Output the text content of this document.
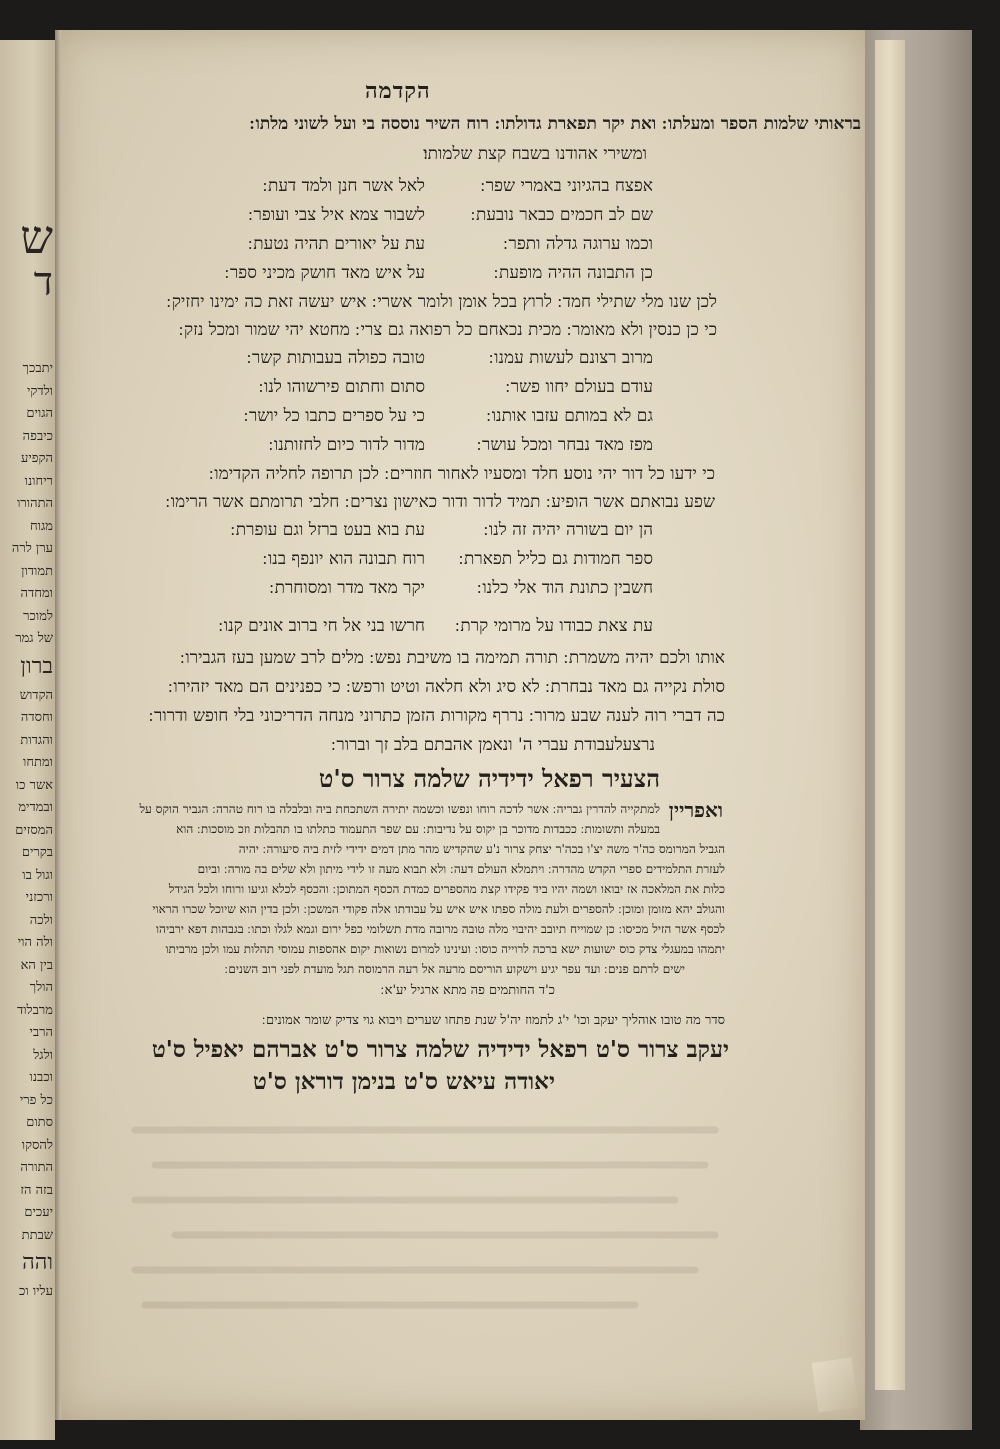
ש
ד
יתבכך
ולדקי
הגוים
כיבפה
הקפיע
ריחונו
התהורו
מגוח
ערן לרה
תמודון
ומחדה
למוכר
של גמר
ברון
הקדוש
וחסדה
והגדות
ומתחו
אשר כו
ובמדימ
המסזים
בקרים
וגול בו
ורכזני
ולכה
ולה הוי
בין הא
הולך
מרבלוד
הרבי
ולגל
וכבנו
כל פרי
סתום
להסקו
התורה
בזה הז
יעכים
שבתת
והה
עליו וכ
הקדמה
בראותי שלמות הספר ומעלתו ׃ ואת יקר תפארת גדולתו ׃ רוח השיר נוססה בי ועל לשוני מלתו ׃
ומשירי אהודנו בשבח קצת שלמותו׃
אפצח בהגיוני באמרי שפר ׃
לאל אשר חנן ולמד דעת ׃
שם לב חכמים כבאר נובעת ׃
לשבור צמא איל צבי ועופר ׃
וכמו ערוגה גדלה ותפר ׃
עת על יאורים תהיה נטעת ׃
כן התבונה ההיה מופעת ׃
על איש מאד חושק מכיני ספר ׃
לכן שנו מלי שתילי חמד ׃ לרוץ בכל אומן ולומר אשרי ׃ איש יעשה זאת כה ימינו יחזיק ׃
כי כן כנסין ולא מאומר ׃ מכית נכאחם כל רפואה גם צרי ׃ מחטא יהי שמור ומכל נזק ׃
מרוב רצונם לעשות עמנו ׃
טובה כפולה בעבותות קשר ׃
עודם בעולם יחוו פשר ׃
סתום וחתום פירשוהו לנו ׃
גם לא במותם עזבו אותנו ׃
כי על ספרים כתבו כל יושר ׃
מפז מאד נבחר ומכל עושר ׃
מדור לדור כיום לחזותנו ׃
כי ידעו כל דור יהי נוסע׃ חלד ומסעיו לאחור חוזרים ׃ לכן תרופה לחליה הקדימו ׃
שפע נבואתם אשר הופיע ׃ תמיד לדור ודור כאישון נצרים ׃ חלבי תרומתם אשר הרימו ׃
הן יום בשורה יהיה זה לנו ׃
עת בוא בעט ברזל וגם עופרת ׃
ספר חמודות גם כליל תפארת ׃
רוח תבונה הוא יונפף בנו ׃
חשבין כתונת הוד אלי כלנו ׃
יקר מאד מדר ומסוחרת ׃
עת צאת כבודו על מרומי קרת ׃
חרשו בני אל חי ברוב אונים קנו ׃
אותו ולכם יהיה משמרת ׃ תורה תמימה בו משיבת נפש ׃ מלים לרב שמען בעז הגבירו ׃
סולת נקייה גם מאד נבחרת ׃ לא סיג ולא חלאה וטיט ורפש ׃ כי כפנינים הם מאד יזהירו ׃
כה דברי רוה לענה שבע מרור ׃ נררף מקורות הזמן כתרוני מנחה הדריכוני בלי חופש ודרור ׃
נרצעלעבודת עברי ה' ונאמן אהבתם בלב זך וברור ׃
הצעיר רפאל ידידיה שלמה צרור ס'ט
ואפריין
למתקייה להדרין גבריה ׃ אשר לדכה רוחו ונפשו וכשמה יתירה השתכחת ביה ובלבלה בו רוח טהרה ׃ הגביר הוקס על
במעלה ותשומות ׃ ככבדות מדוכר בן יקוס על נדיבות ׃ עם שפר התעמוד כתלתו בו תהבלות וזכ מוסכות ׃ הוא
הגביל המרומס כה'ר משה יצ'ו בכה'ר יצחק צרור נ'ע שהקדיש מהר מתן דמים ידידי לזית ביה סיעורה ׃ יהיה
לעזרת התלמידים ספרי הקדש מהדרה ׃ ויתמלא העולם דעה ׃ ולא תבוא מעה זו לידי מיתון ולא שלים בה מורה ׃ וביום
כלות את המלאכה אז יבואו ושמה יהיו ביד פקידו קצת מהספרים כמדת הכסף המתוכן ׃ והכסף לכלא וגיעו ורוחו ולכל הגידל
והגולב יהא מזומן ומוכן ׃ להספרים ולעת מולה ספתו איש איש על עבודתו אלה פקודי המשכן ׃ ולכן בדין הוא שיוכל שכרו הראוי
לכסף אשר הזיל מכיסו ׃ כן שמוייח תיובב יהיבוי מלה טובה מרובה מדת תשלומי כפל ירום וגמא לגלו וכתו ׃ בגבהות דפא ירביהו
יתמהו במעגלי צדק כוס ישועות ישא ברכה לרוייה כוסו ׃ ועינינו למרום נשואות יקום אהספות עמוסי תהלות עמו ולכן מרביתו
ישים לרתם פנים ׃ ועד עפר יגיע וישקוע הוריסם מרעה אל רעה הרמוסה תגל מועדת לפני רוב השנים ׃
כ'ד החותמים פה מתא ארגיל יע'א ׃
סדר מה טובו אוהליך יעקב וכו' י'ג לתמוז יה'ל שנת פתחו שערים ויבוא גוי צדיק שומר אמונים ׃
יעקב צרור ס'ט רפאל ידידיה שלמה צרור ס'ט אברהם יאפיל ס'ט
יאודה עיאש ס'ט בנימן דוראן ס'ט
